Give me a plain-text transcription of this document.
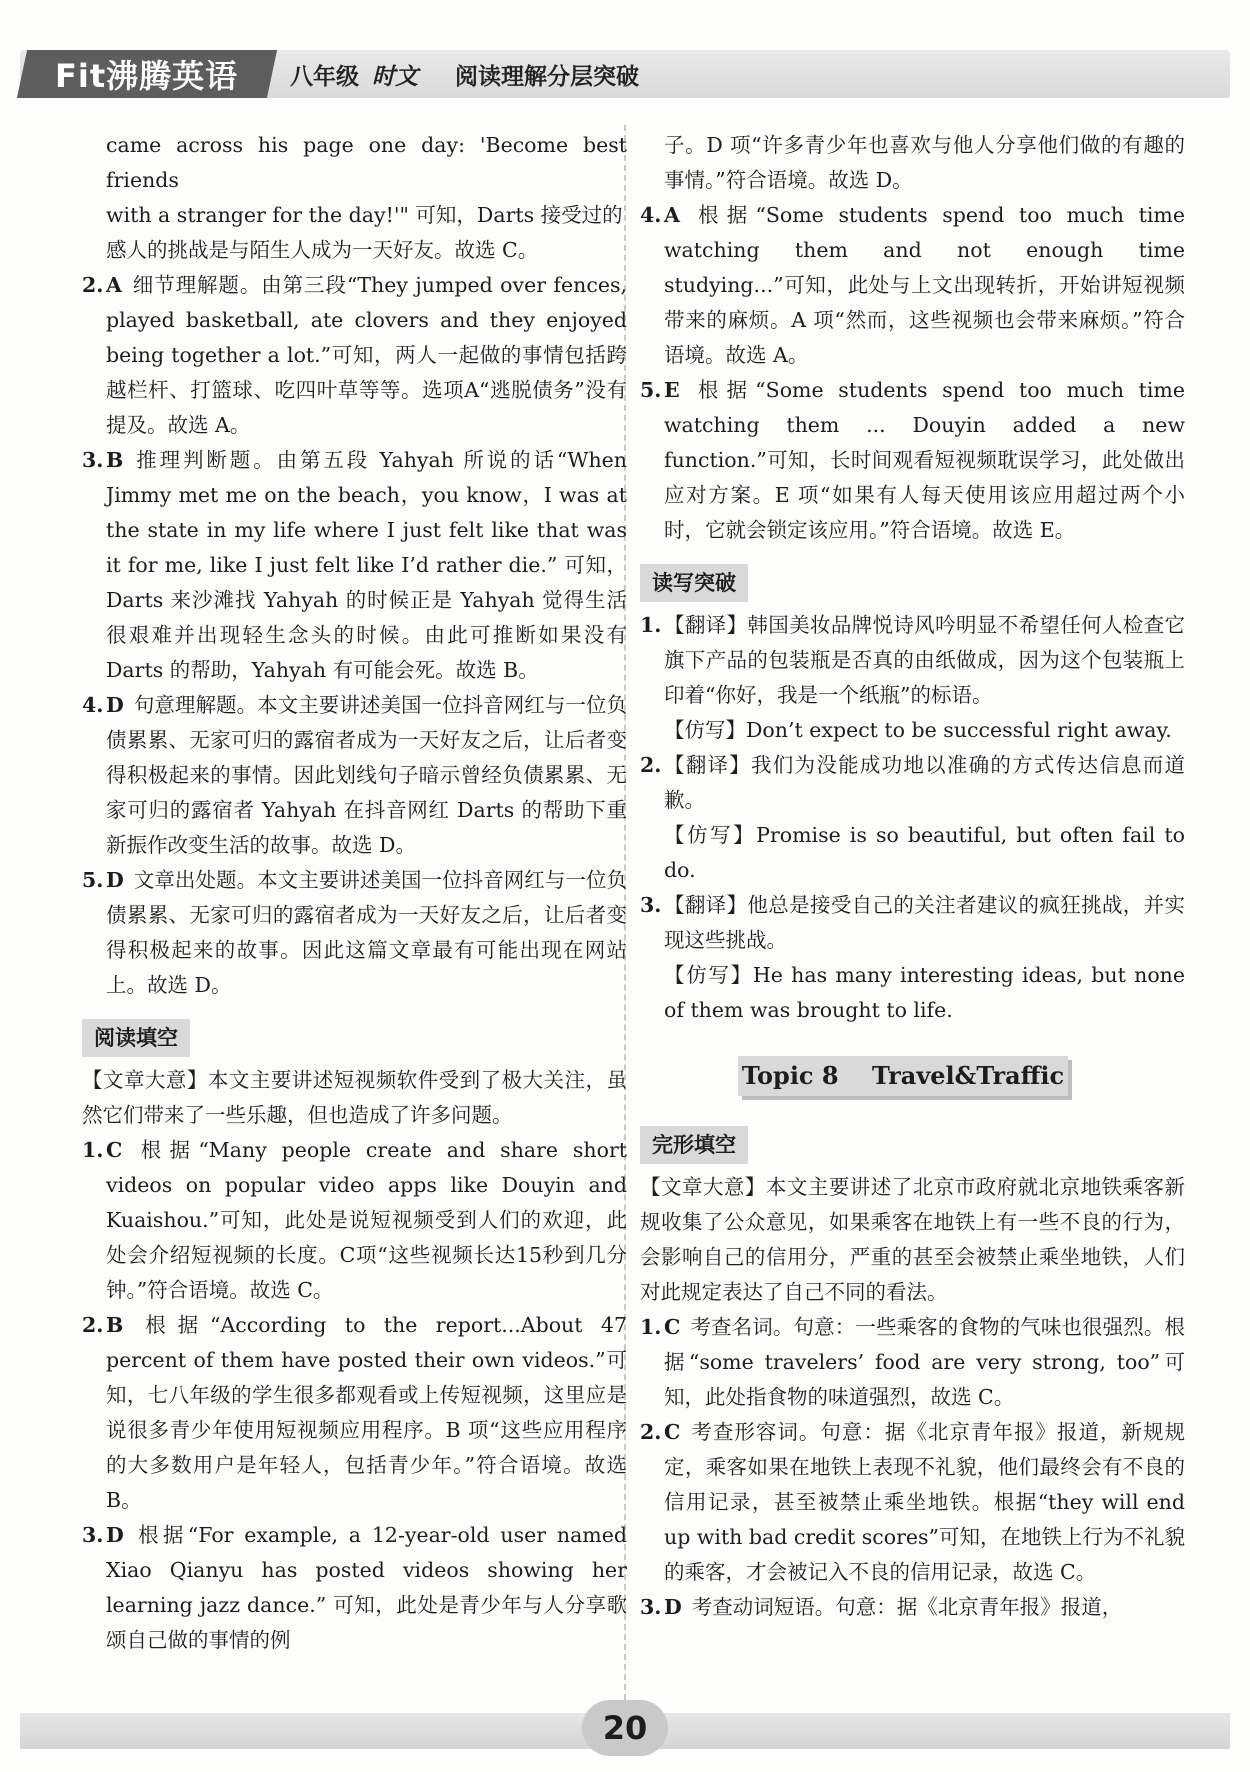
Fit沸腾英语 八年级 时文 阅读理解分层突破

came across his page one day: 'Become best friends

with a stranger for the day!'" 可知，Darts 接受过的

感人的挑战是与陌生人成为一天好友。故选 C。

2. A 细节理解题。由第三段“They jumped over fences, played basketball, ate clovers and they enjoyed being together a lot.”可知，两人一起做的事情包括跨越栏杆、打篮球、吃四叶草等等。选项A“逃脱债务”没有提及。故选 A。

3. B 推理判断题。由第五段 Yahyah 所说的话“When Jimmy met me on the beach，you know，I was at the state in my life where I just felt like that was it for me, like I just felt like I’d rather die.” 可知，Darts 来沙滩找 Yahyah 的时候正是 Yahyah 觉得生活很艰难并出现轻生念头的时候。由此可推断如果没有 Darts 的帮助，Yahyah 有可能会死。故选 B。

4. D 句意理解题。本文主要讲述美国一位抖音网红与一位负债累累、无家可归的露宿者成为一天好友之后，让后者变得积极起来的事情。因此划线句子暗示曾经负债累累、无家可归的露宿者 Yahyah 在抖音网红 Darts 的帮助下重新振作改变生活的故事。故选 D。

5. D 文章出处题。本文主要讲述美国一位抖音网红与一位负债累累、无家可归的露宿者成为一天好友之后，让后者变得积极起来的故事。因此这篇文章最有可能出现在网站上。故选 D。

阅读填空

【文章大意】本文主要讲述短视频软件受到了极大关注，虽然它们带来了一些乐趣，但也造成了许多问题。

1. C 根据“Many people create and share short videos on popular video apps like Douyin and Kuaishou.”可知，此处是说短视频受到人们的欢迎，此处会介绍短视频的长度。C项“这些视频长达15秒到几分钟。”符合语境。故选 C。

2. B 根据“According to the report...About 47 percent of them have posted their own videos.”可知，七八年级的学生很多都观看或上传短视频，这里应是说很多青少年使用短视频应用程序。B 项“这些应用程序的大多数用户是年轻人，包括青少年。”符合语境。故选 B。

3. D 根据“For example, a 12-year-old user named Xiao Qianyu has posted videos showing her learning jazz dance.” 可知，此处是青少年与人分享歌颂自己做的事情的例

子。D 项“许多青少年也喜欢与他人分享他们做的有趣的事情。”符合语境。故选 D。

4. A 根据“Some students spend too much time watching them and not enough time studying...”可知，此处与上文出现转折，开始讲短视频带来的麻烦。A 项“然而，这些视频也会带来麻烦。”符合语境。故选 A。

5. E 根据“Some students spend too much time watching them ... Douyin added a new function.”可知，长时间观看短视频耽误学习，此处做出应对方案。E 项“如果有人每天使用该应用超过两个小时，它就会锁定该应用。”符合语境。故选 E。

读写突破
1. 【翻译】韩国美妆品牌悦诗风吟明显不希望任何人检查它旗下产品的包装瓶是否真的由纸做成，因为这个包装瓶上印着“你好，我是一个纸瓶”的标语。

【仿写】Don’t expect to be successful right away.

2. 【翻译】我们为没能成功地以准确的方式传达信息而道歉。

【仿写】Promise is so beautiful, but often fail to do.

3. 【翻译】他总是接受自己的关注者建议的疯狂挑战，并实现这些挑战。

【仿写】He has many interesting ideas, but none of them was brought to life.

Topic 8    Travel&Traffic
完形填空

【文章大意】本文主要讲述了北京市政府就北京地铁乘客新规收集了公众意见，如果乘客在地铁上有一些不良的行为，会影响自己的信用分，严重的甚至会被禁止乘坐地铁，人们对此规定表达了自己不同的看法。

1. C 考查名词。句意：一些乘客的食物的气味也很强烈。根据“some travelers’ food are very strong, too”可知，此处指食物的味道强烈，故选 C。

2. C 考查形容词。句意：据《北京青年报》报道，新规规定，乘客如果在地铁上表现不礼貌，他们最终会有不良的信用记录，甚至被禁止乘坐地铁。根据“they will end up with bad credit scores”可知，在地铁上行为不礼貌的乘客，才会被记入不良的信用记录，故选 C。

3. D 考查动词短语。句意：据《北京青年报》报道，

20
